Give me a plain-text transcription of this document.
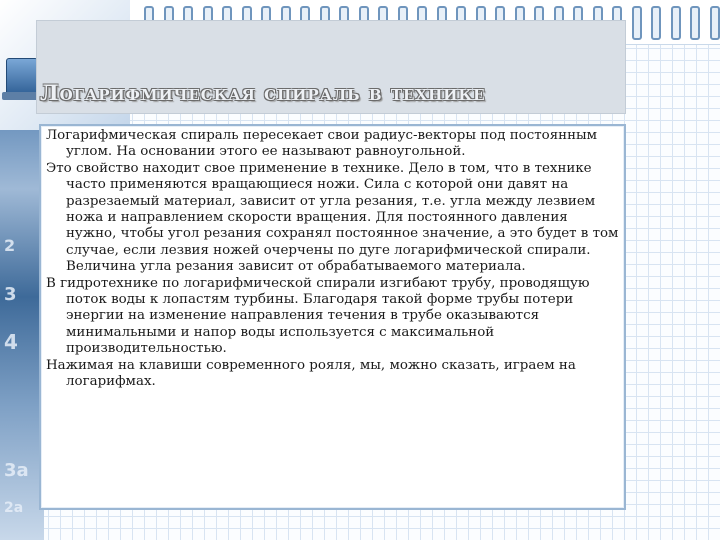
2
3
4
3a
2a
Логарифмическая спираль в технике

Логарифмическая спираль пересекает свои радиус-векторы под постоянным углом. На основании этого ее называют равноугольной.

Это свойство находит свое применение в технике. Дело в том, что в технике часто применяются вращающиеся ножи. Сила с которой они давят на разрезаемый материал, зависит от угла резания, т.е. угла между лезвием ножа и направлением скорости вращения. Для постоянного давления нужно, чтобы угол резания сохранял постоянное значение, а это будет в том случае, если лезвия ножей очерчены по дуге логарифмической спирали. Величина угла резания зависит от обрабатываемого материала.

В гидротехнике по логарифмической спирали изгибают трубу, проводящую поток воды к лопастям турбины. Благодаря такой форме трубы потери энергии на изменение направления течения в трубе оказываются минимальными и напор воды используется с максимальной производительностью.

Нажимая на клавиши современного рояля, мы, можно сказать, играем на логарифмах.
